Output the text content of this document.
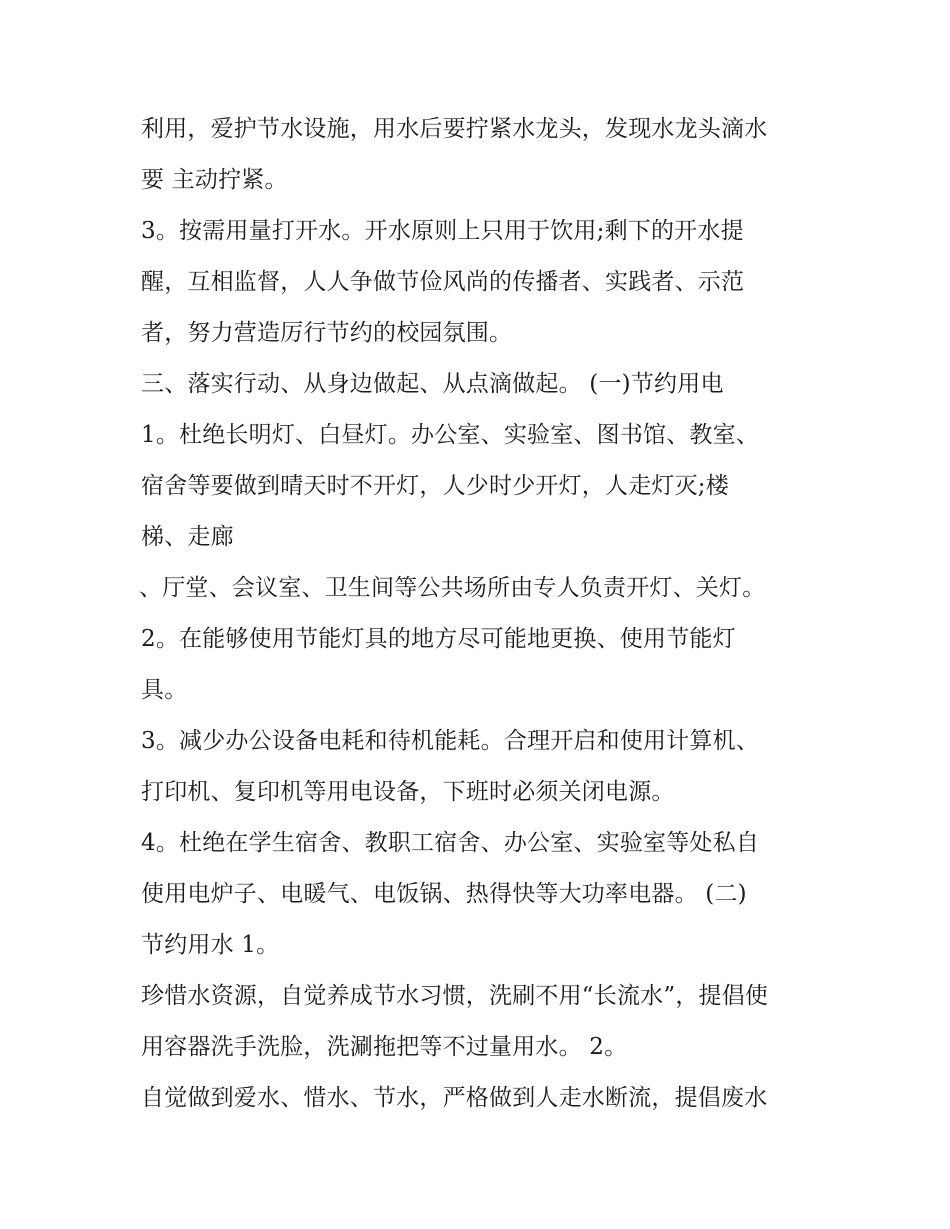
利用，爱护节水设施，用水后要拧紧水龙头，发现水龙头滴水
要 主动拧紧。
3。按需用量打开水。开水原则上只用于饮用;剩下的开水提
醒，互相监督，人人争做节俭风尚的传播者、实践者、示范
者，努力营造厉行节约的校园氛围。
三、落实行动、从身边做起、从点滴做起。 (一)节约用电
1。杜绝长明灯、白昼灯。办公室、实验室、图书馆、教室、
宿舍等要做到晴天时不开灯，人少时少开灯，人走灯灭;楼
梯、走廊
、厅堂、会议室、卫生间等公共场所由专人负责开灯、关灯。
2。在能够使用节能灯具的地方尽可能地更换、使用节能灯
具。
3。减少办公设备电耗和待机能耗。合理开启和使用计算机、
打印机、复印机等用电设备，下班时必须关闭电源。
4。杜绝在学生宿舍、教职工宿舍、办公室、实验室等处私自
使用电炉子、电暖气、电饭锅、热得快等大功率电器。 (二)
节约用水 1。
珍惜水资源，自觉养成节水习惯，洗刷不用“长流水”，提倡使
用容器洗手洗脸，洗涮拖把等不过量用水。 2。
自觉做到爱水、惜水、节水，严格做到人走水断流，提倡废水
